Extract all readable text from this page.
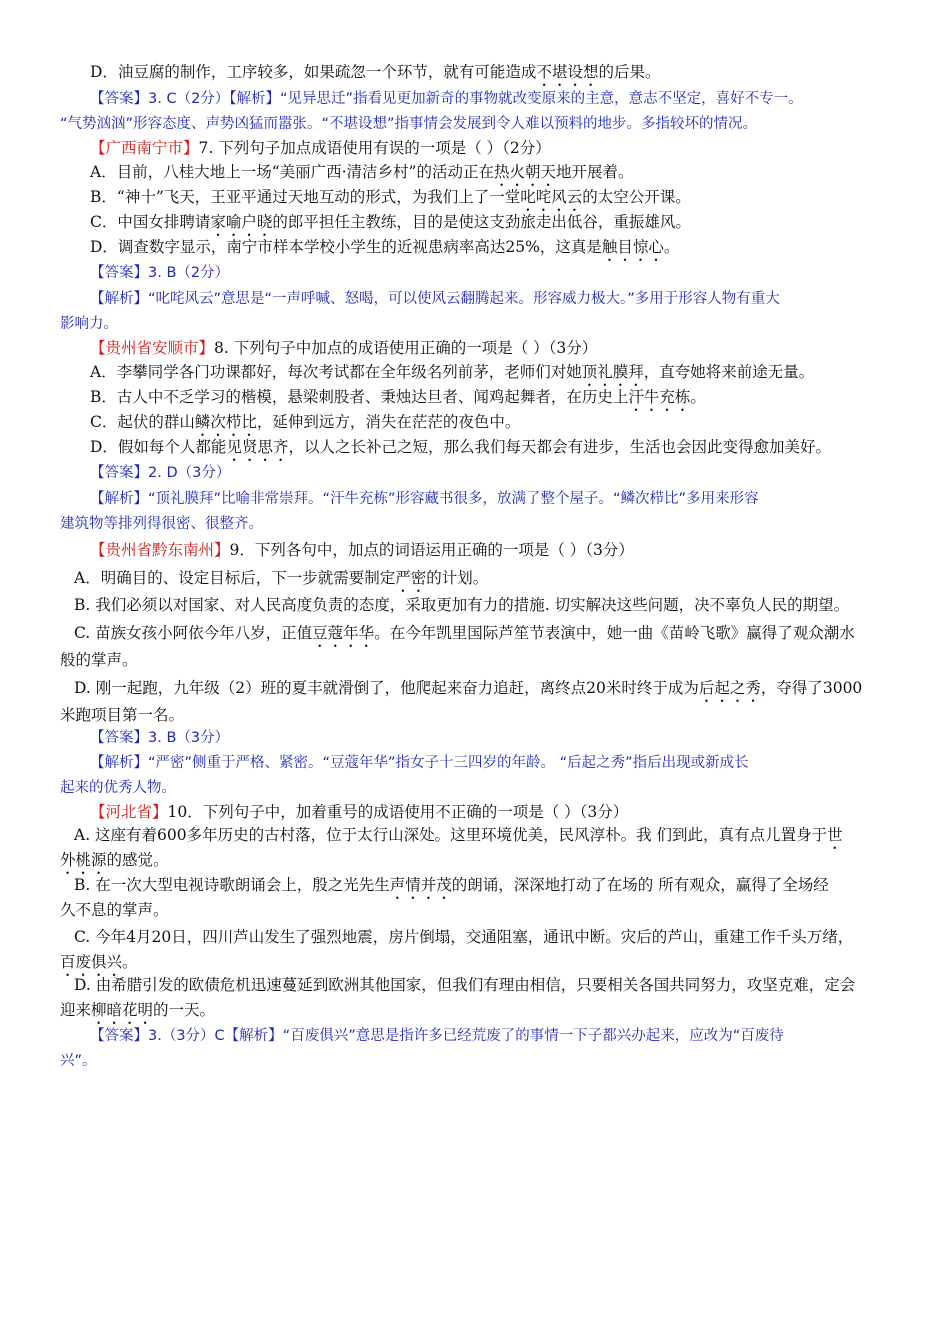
D．油豆腐的制作，工序较多，如果疏忽一个环节，就有可能造成不堪设想的后果。
【答案】3. C（2分）【解析】“见异思迁”指看见更加新奇的事物就改变原来的主意，意志不坚定，喜好不专一。
“气势汹汹”形容态度、声势凶猛而嚣张。“不堪设想”指事情会发展到令人难以预料的地步。多指较坏的情况。
【广西南宁市】7. 下列句子加点成语使用有误的一项是（ ）（2分）
A．目前，八桂大地上一场“美丽广西·清洁乡村”的活动正在热火朝天地开展着。
B．“神十”飞天，王亚平通过天地互动的形式，为我们上了一堂叱咤风云的太空公开课。
C．中国女排聘请家喻户晓的郎平担任主教练，目的是使这支劲旅走出低谷，重振雄风。
D．调查数字显示，南宁市样本学校小学生的近视患病率高达25%，这真是触目惊心。
【答案】3. B（2分）
【解析】“叱咤风云”意思是“一声呼喊、怒喝，可以使风云翻腾起来。形容威力极大。”多用于形容人物有重大
影响力。
【贵州省安顺市】8. 下列句子中加点的成语使用正确的一项是（ ）（3分）
A．李攀同学各门功课都好，每次考试都在全年级名列前茅，老师们对她顶礼膜拜，直夸她将来前途无量。
B．古人中不乏学习的楷模，悬梁刺股者、秉烛达旦者、闻鸡起舞者，在历史上汗牛充栋。
C．起伏的群山鳞次栉比，延伸到远方，消失在茫茫的夜色中。
D．假如每个人都能见贤思齐，以人之长补己之短，那么我们每天都会有进步，生活也会因此变得愈加美好。
【答案】2. D（3分）
【解析】“顶礼膜拜”比喻非常崇拜。“汗牛充栋”形容藏书很多，放满了整个屋子。“鳞次栉比”多用来形容
建筑物等排列得很密、很整齐。
【贵州省黔东南州】9．下列各句中，加点的词语运用正确的一项是（ ）（3分）
A．明确目的、设定目标后，下一步就需要制定严密的计划。
B. 我们必须以对国家、对人民高度负责的态度，采取更加有力的措施. 切实解决这些问题，决不辜负人民的期望。
C. 苗族女孩小阿依今年八岁，正值豆蔻年华。在今年凯里国际芦笙节表演中，她一曲《苗岭飞歌》赢得了观众潮水
般的掌声。
D. 刚一起跑，九年级（2）班的夏丰就滑倒了，他爬起来奋力追赶，离终点20米时终于成为后起之秀，夺得了3000
米跑项目第一名。
【答案】3. B（3分）
【解析】“严密”侧重于严格、紧密。“豆蔻年华”指女子十三四岁的年龄。 “后起之秀”指后出现或新成长
起来的优秀人物。
【河北省】10．下列句子中，加着重号的成语使用不正确的一项是（ ）（3分）
A. 这座有着600多年历史的古村落，位于太行山深处。这里环境优美，民风淳朴。我 们到此，真有点儿置身于世
外桃源的感觉。
B. 在一次大型电视诗歌朗诵会上，殷之光先生声情并茂的朗诵，深深地打动了在场的 所有观众，赢得了全场经
久不息的掌声。
C. 今年4月20日，四川芦山发生了强烈地震，房片倒塌，交通阻塞，通讯中断。灾后的芦山，重建工作千头万绪，
百废俱兴。
D. 由希腊引发的欧债危机迅速蔓延到欧洲其他国家，但我们有理由相信，只要相关各国共同努力，攻坚克难，定会
迎来柳暗花明的一天。
【答案】3.（3分）C【解析】“百废俱兴”意思是指许多已经荒废了的事情一下子都兴办起来，应改为“百废待
兴”。
